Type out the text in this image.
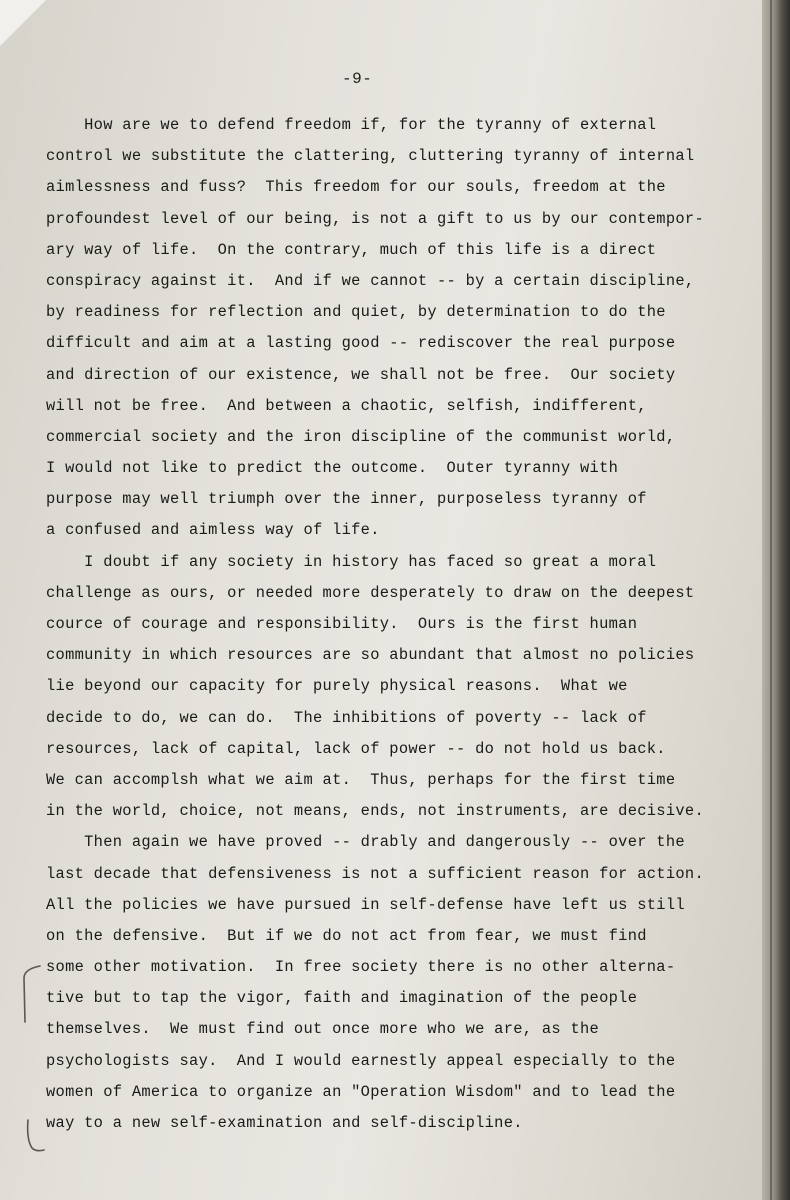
-9-
How are we to defend freedom if, for the tyranny of external
control we substitute the clattering, cluttering tyranny of internal
aimlessness and fuss?  This freedom for our souls, freedom at the
profoundest level of our being, is not a gift to us by our contempor-
ary way of life.  On the contrary, much of this life is a direct
conspiracy against it.  And if we cannot -- by a certain discipline,
by readiness for reflection and quiet, by determination to do the
difficult and aim at a lasting good -- rediscover the real purpose
and direction of our existence, we shall not be free.  Our society
will not be free.  And between a chaotic, selfish, indifferent,
commercial society and the iron discipline of the communist world,
I would not like to predict the outcome.  Outer tyranny with
purpose may well triumph over the inner, purposeless tyranny of
a confused and aimless way of life.
I doubt if any society in history has faced so great a moral
challenge as ours, or needed more desperately to draw on the deepest
cource of courage and responsibility.  Ours is the first human
community in which resources are so abundant that almost no policies
lie beyond our capacity for purely physical reasons.  What we
decide to do, we can do.  The inhibitions of poverty -- lack of
resources, lack of capital, lack of power -- do not hold us back.
We can accomplsh what we aim at.  Thus, perhaps for the first time
in the world, choice, not means, ends, not instruments, are decisive.
Then again we have proved -- drably and dangerously -- over the
last decade that defensiveness is not a sufficient reason for action.
All the policies we have pursued in self-defense have left us still
on the defensive.  But if we do not act from fear, we must find
some other motivation.  In free society there is no other alterna-
tive but to tap the vigor, faith and imagination of the people
themselves.  We must find out once more who we are, as the
psychologists say.  And I would earnestly appeal especially to the
women of America to organize an "Operation Wisdom" and to lead the
way to a new self-examination and self-discipline.
